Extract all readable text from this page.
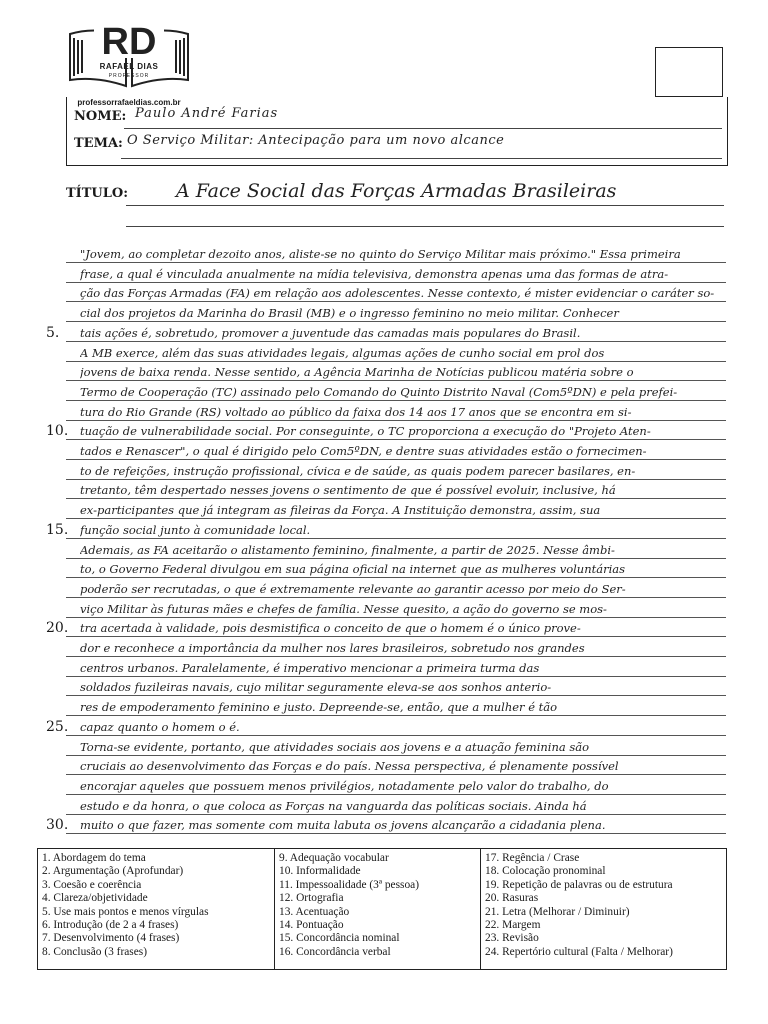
RD
RAFAEL DIAS
PROFESSOR
professorrafaeldias.com.br
NOME: Paulo André Farias
TEMA: O Serviço Militar: Antecipação para um novo alcance
TÍTULO:	A Face Social das Forças Armadas Brasileiras
"Jovem, ao completar dezoito anos, aliste-se no quinto do Serviço Militar mais próximo." Essa primeira
frase, a qual é vinculada anualmente na mídia televisiva, demonstra apenas uma das formas de atra-
ção das Forças Armadas (FA) em relação aos adolescentes. Nesse contexto, é mister evidenciar o caráter so-
cial dos projetos da Marinha do Brasil (MB) e o ingresso feminino no meio militar. Conhecer
tais ações é, sobretudo, promover a juventude das camadas mais populares do Brasil.
A MB exerce, além das suas atividades legais, algumas ações de cunho social em prol dos
jovens de baixa renda. Nesse sentido, a Agência Marinha de Notícias publicou matéria sobre o
Termo de Cooperação (TC) assinado pelo Comando do Quinto Distrito Naval (Com5ºDN) e pela prefei-
tura do Rio Grande (RS) voltado ao público da faixa dos 14 aos 17 anos que se encontra em si-
tuação de vulnerabilidade social. Por conseguinte, o TC proporciona a execução do "Projeto Aten-
tados e Renascer", o qual é dirigido pelo Com5ºDN, e dentre suas atividades estão o fornecimen-
to de refeições, instrução profissional, cívica e de saúde, as quais podem parecer basilares, en-
tretanto, têm despertado nesses jovens o sentimento de que é possível evoluir, inclusive, há
ex-participantes que já integram as fileiras da Força. A Instituição demonstra, assim, sua
função social junto à comunidade local.
Ademais, as FA aceitarão o alistamento feminino, finalmente, a partir de 2025. Nesse âmbi-
to, o Governo Federal divulgou em sua página oficial na internet que as mulheres voluntárias
poderão ser recrutadas, o que é extremamente relevante ao garantir acesso por meio do Ser-
viço Militar às futuras mães e chefes de família. Nesse quesito, a ação do governo se mos-
tra acertada à validade, pois desmistifica o conceito de que o homem é o único prove-
dor e reconhece a importância da mulher nos lares brasileiros, sobretudo nos grandes
centros urbanos. Paralelamente, é imperativo mencionar a primeira turma das
soldados fuzileiras navais, cujo militar seguramente eleva-se aos sonhos anterio-
res de empoderamento feminino e justo. Depreende-se, então, que a mulher é tão
capaz quanto o homem o é.
Torna-se evidente, portanto, que atividades sociais aos jovens e a atuação feminina são
cruciais ao desenvolvimento das Forças e do país. Nessa perspectiva, é plenamente possível
encorajar aqueles que possuem menos privilégios, notadamente pelo valor do trabalho, do
estudo e da honra, o que coloca as Forças na vanguarda das políticas sociais. Ainda há
muito o que fazer, mas somente com muita labuta os jovens alcançarão a cidadania plena.
5.
10.
15.
20.
25.
30.
1. Abordagem do tema
2. Argumentação (Aprofundar)
3. Coesão e coerência
4. Clareza/objetividade
5. Use mais pontos e menos vírgulas
6. Introdução (de 2 a 4 frases)
7. Desenvolvimento (4 frases)
8. Conclusão (3 frases)
9. Adequação vocabular
10. Informalidade
11. Impessoalidade (3ª pessoa)
12. Ortografia
13. Acentuação
14. Pontuação
15. Concordância nominal
16. Concordância verbal
17. Regência / Crase
18. Colocação pronominal
19. Repetição de palavras ou de estrutura
20. Rasuras
21. Letra (Melhorar / Diminuir)
22. Margem
23. Revisão
24. Repertório cultural (Falta / Melhorar)
